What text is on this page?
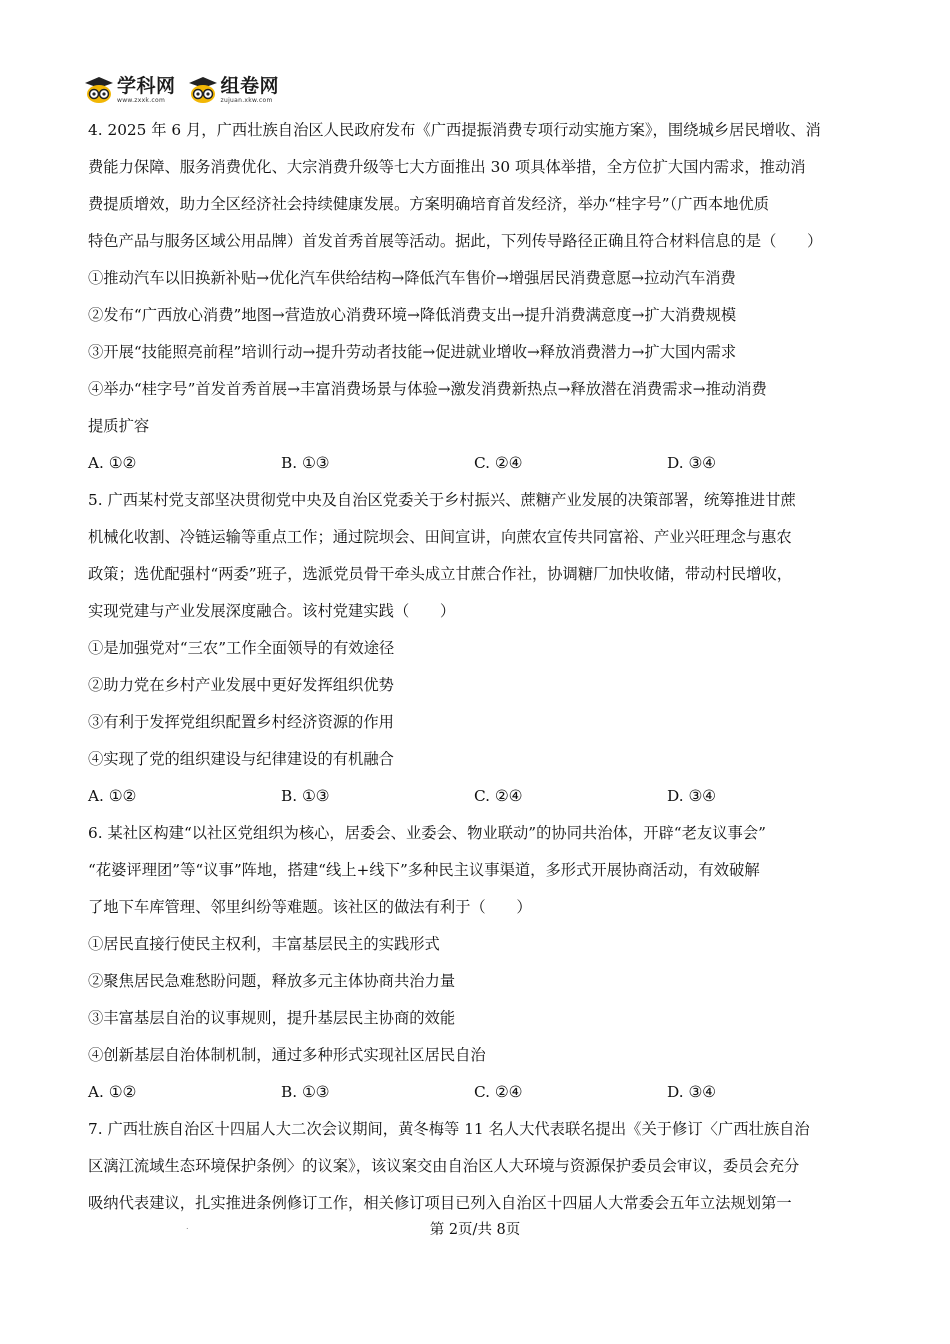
学科网
www.zxxk.com
组卷网
zujuan.xkw.com

4. 2025 年 6 月，广西壮族自治区人民政府发布《广西提振消费专项行动实施方案》，围绕城乡居民增收、消

费能力保障、服务消费优化、大宗消费升级等七大方面推出 30 项具体举措，全方位扩大国内需求，推动消

费提质增效，助力全区经济社会持续健康发展。方案明确培育首发经济，举办“桂字号”（广西本地优质

特色产品与服务区域公用品牌）首发首秀首展等活动。据此，下列传导路径正确且符合材料信息的是（　　）

①推动汽车以旧换新补贴→优化汽车供给结构→降低汽车售价→增强居民消费意愿→拉动汽车消费

②发布“广西放心消费”地图→营造放心消费环境→降低消费支出→提升消费满意度→扩大消费规模

③开展“技能照亮前程”培训行动→提升劳动者技能→促进就业增收→释放消费潜力→扩大国内需求

④举办“桂字号”首发首秀首展→丰富消费场景与体验→激发消费新热点→释放潜在消费需求→推动消费

提质扩容

A. ①②	B. ①③	C. ②④	D. ③④

5. 广西某村党支部坚决贯彻党中央及自治区党委关于乡村振兴、蔗糖产业发展的决策部署，统筹推进甘蔗

机械化收割、冷链运输等重点工作；通过院坝会、田间宣讲，向蔗农宣传共同富裕、产业兴旺理念与惠农

政策；选优配强村“两委”班子，选派党员骨干牵头成立甘蔗合作社，协调糖厂加快收储，带动村民增收，

实现党建与产业发展深度融合。该村党建实践（　　）

①是加强党对“三农”工作全面领导的有效途径

②助力党在乡村产业发展中更好发挥组织优势

③有利于发挥党组织配置乡村经济资源的作用

④实现了党的组织建设与纪律建设的有机融合

A. ①②	B. ①③	C. ②④	D. ③④

6. 某社区构建“以社区党组织为核心，居委会、业委会、物业联动”的协同共治体，开辟“老友议事会”

“花婆评理团”等“议事”阵地，搭建“线上+线下”多种民主议事渠道，多形式开展协商活动，有效破解

了地下车库管理、邻里纠纷等难题。该社区的做法有利于（　　）

①居民直接行使民主权利，丰富基层民主的实践形式

②聚焦居民急难愁盼问题，释放多元主体协商共治力量

③丰富基层自治的议事规则，提升基层民主协商的效能

④创新基层自治体制机制，通过多种形式实现社区居民自治

A. ①②	B. ①③	C. ②④	D. ③④

7. 广西壮族自治区十四届人大二次会议期间，黄冬梅等 11 名人大代表联名提出《关于修订〈广西壮族自治

区漓江流域生态环境保护条例〉的议案》，该议案交由自治区人大环境与资源保护委员会审议，委员会充分

吸纳代表建议，扎实推进条例修订工作，相关修订项目已列入自治区十四届人大常委会五年立法规划第一

.	第 2页/共 8页
